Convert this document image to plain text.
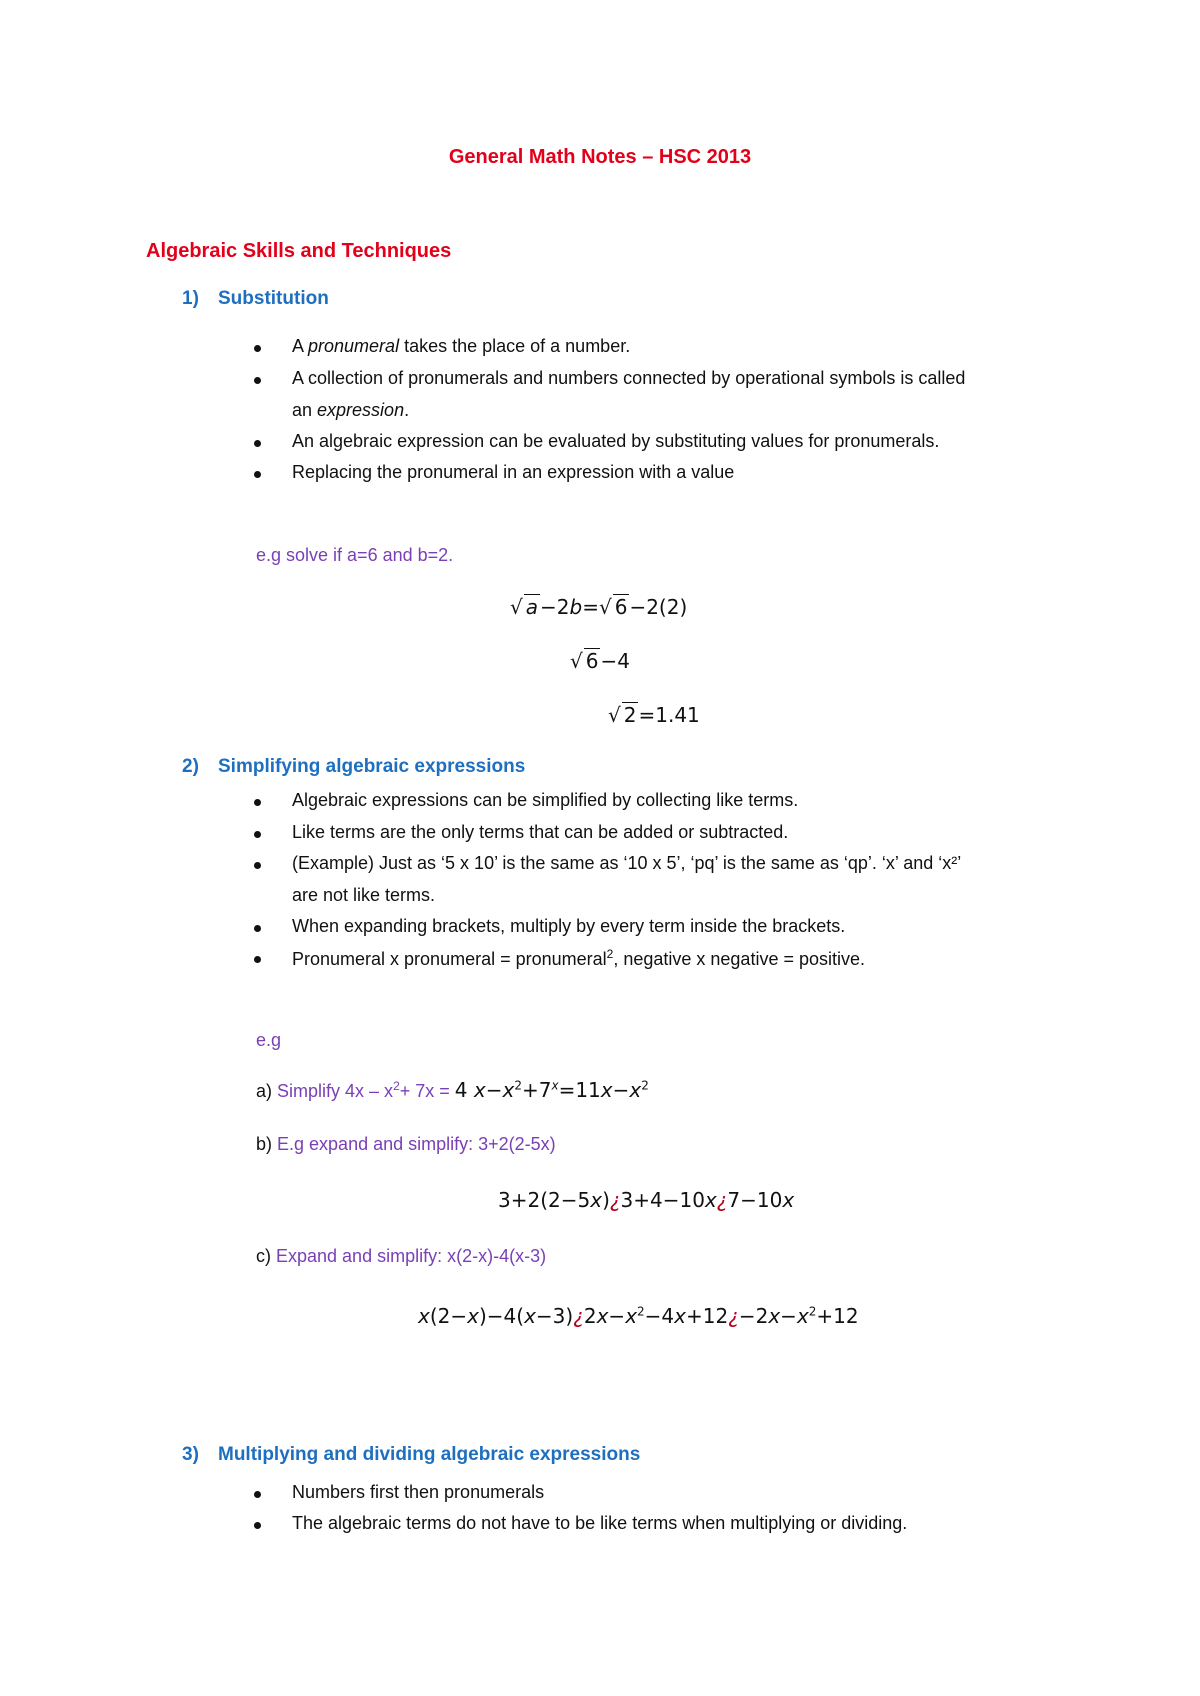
General Math Notes – HSC 2013
Algebraic Skills and Techniques
1) Substitution
A pronumeral takes the place of a number.
A collection of pronumerals and numbers connected by operational symbols is called
an expression.
An algebraic expression can be evaluated by substituting values for pronumerals.
Replacing the pronumeral in an expression with a value
e.g solve if a=6 and b=2.
√ a −2b=√ 6 −2(2)
√ 6 −4
√ 2 =1.41
2) Simplifying algebraic expressions
Algebraic expressions can be simplified by collecting like terms.
Like terms are the only terms that can be added or subtracted.
(Example) Just as ‘5 x 10’ is the same as ‘10 x 5’, ‘pq’ is the same as ‘qp’. ‘x’ and ‘x²’
are not like terms.
When expanding brackets, multiply by every term inside the brackets.
Pronumeral x pronumeral = pronumeral$^2$, negative x negative = positive.
e.g
a) Simplify $4x - x^2+ 7x = 4$ $x-x^2+7^x=11x-x^2$
b) E.g expand and simplify: 3+2(2-5x)
3+2(2−5x)¿3+4−10x¿7−10x
c) Expand and simplify: x(2-x)-4(x-3)
$x(2-x)-4(x-3)¿2x-x^2-4x+12¿-2x-x^2+12$
3) Multiplying and dividing algebraic expressions
Numbers first then pronumerals
The algebraic terms do not have to be like terms when multiplying or dividing.
